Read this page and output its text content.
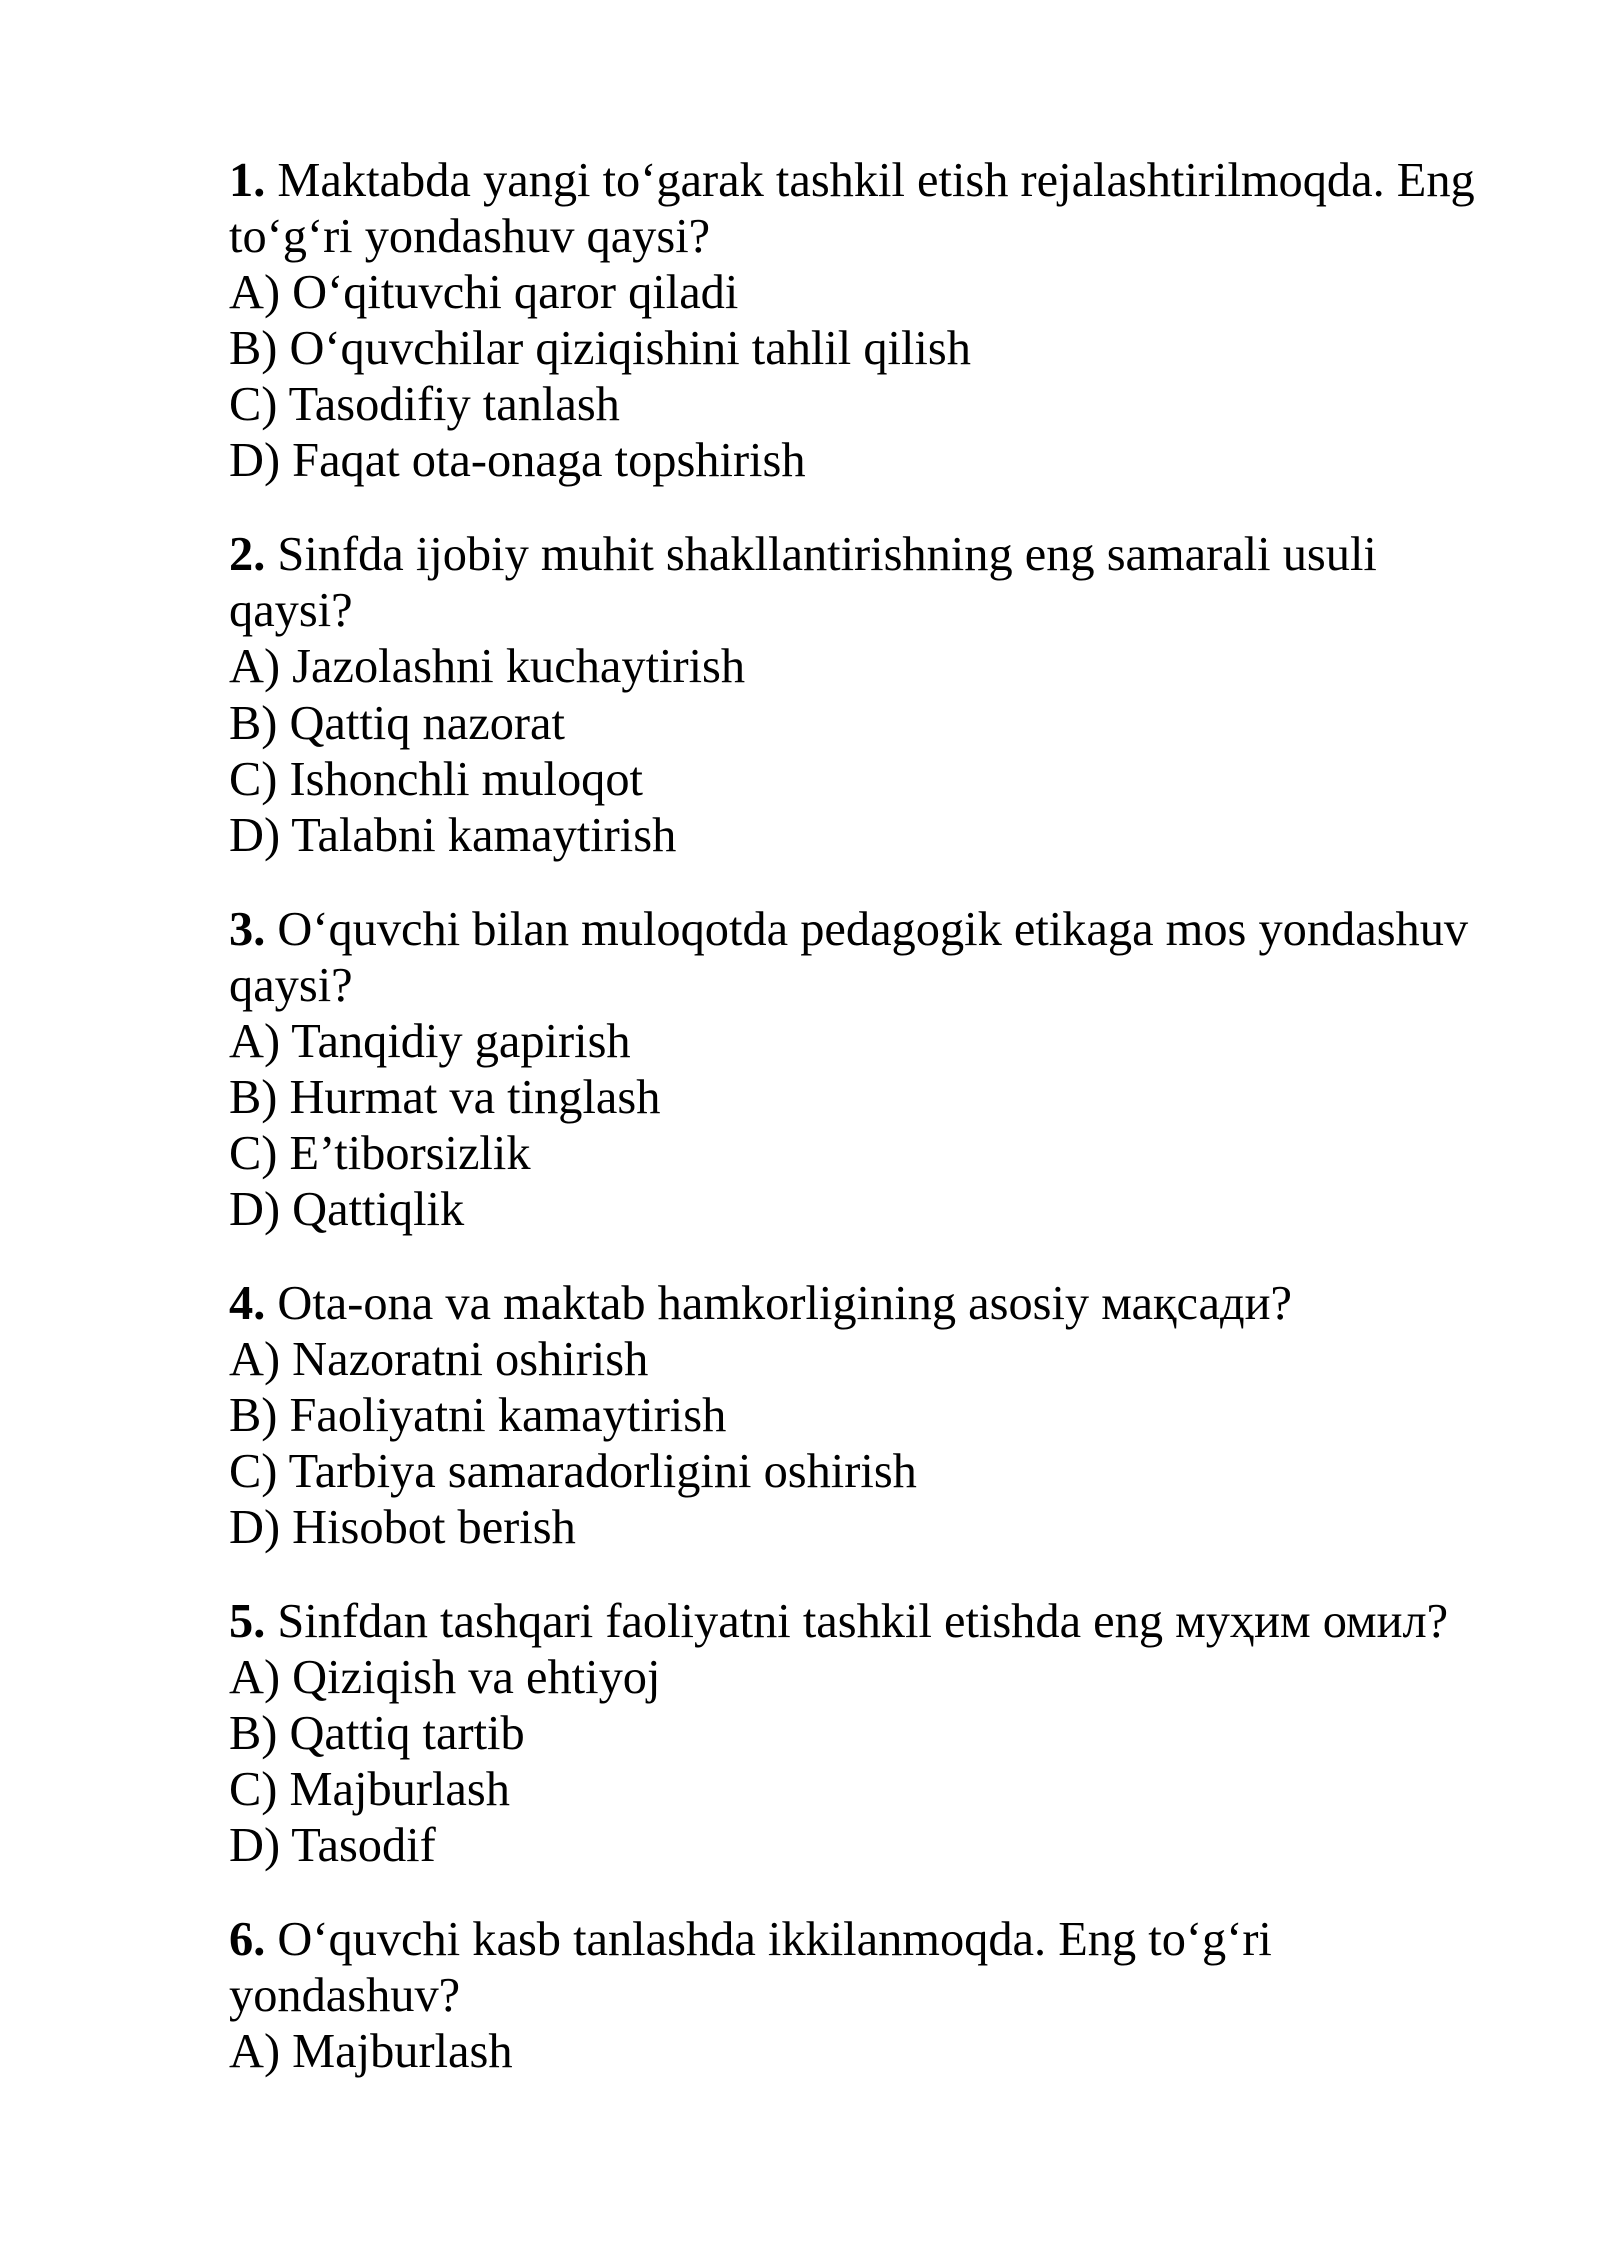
1. Maktabda yangi to‘garak tashkil etish rejalashtirilmoqda. Eng to‘g‘ri yondashuv qaysi?

A) O‘qituvchi qaror qiladi

B) O‘quvchilar qiziqishini tahlil qilish

C) Tasodifiy tanlash

D) Faqat ota-onaga topshirish

2. Sinfda ijobiy muhit shakllantirishning eng samarali usuli qaysi?

A) Jazolashni kuchaytirish

B) Qattiq nazorat

C) Ishonchli muloqot

D) Talabni kamaytirish

3. O‘quvchi bilan muloqotda pedagogik etikaga mos yondashuv qaysi?

A) Tanqidiy gapirish

B) Hurmat va tinglash

C) E’tiborsizlik

D) Qattiqlik

4. Ota-ona va maktab hamkorligining asosiy мақсади?

A) Nazoratni oshirish

B) Faoliyatni kamaytirish

C) Tarbiya samaradorligini oshirish

D) Hisobot berish

5. Sinfdan tashqari faoliyatni tashkil etishda eng муҳим омил?

A) Qiziqish va ehtiyoj

B) Qattiq tartib

C) Majburlash

D) Tasodif

6. O‘quvchi kasb tanlashda ikkilanmoqda. Eng to‘g‘ri yondashuv?

A) Majburlash
